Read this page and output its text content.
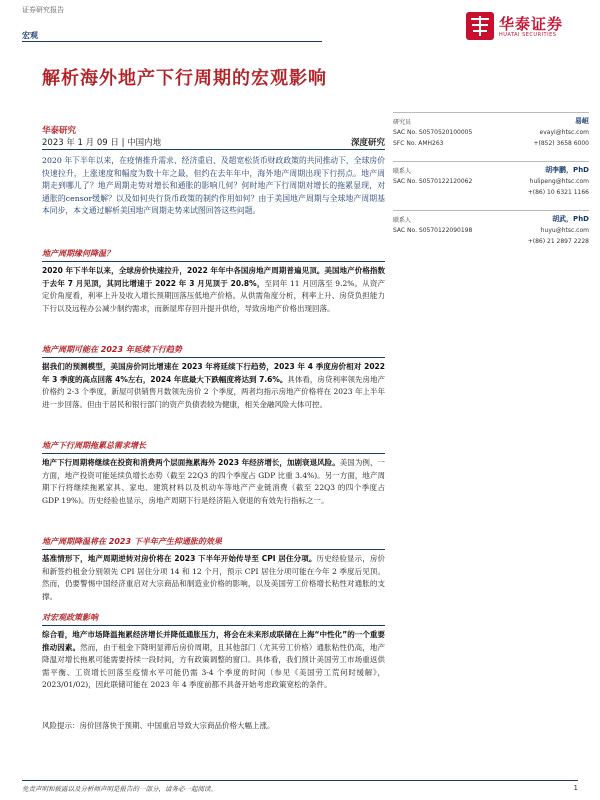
证券研究报告
宏观
华泰证券
HUATAI SECURITIES
解析海外地产下行周期的宏观影响
华泰研究
2023 年 1 月 09 日 | 中国内地	深度研究
2020 年下半年以来，在疫情推升需求、经济重启、及超宽松货币财政政策的共同推动下，全球房价快速拉升，上涨速度和幅度为数十年之最，但约在去年年中，海外地产周期出现下行拐点。地产周期走到哪儿了？地产周期走势对增长和通胀的影响几何？何时地产下行周期对增长的拖累显现，对通胀的censor缓解？以及如何央行货币政策的制约作用如何？由于美国地产周期与全球地产周期基本同步，本文通过解析美国地产周期走势来试图回答这些问题。
地产周期缘何降温？
2020 年下半年以来，全球房价快速拉升，2022 年年中各国房地产周期普遍见顶。美国地产价格指数于去年 7 月见顶，其同比增速于 2022 年 3 月见顶于 20.8%，至同年 11 月回落至 9.2%。从资产定价角度看，利率上升及收入增长预期回落压低地产价格。从供需角度分析，利率上升、房贷负担能力下行以及远程办公减少制约需求，而新屋库存回升提升供给，导致房地产价格出现回落。
地产周期可能在 2023 年延续下行趋势
据我们的预测模型，美国房价同比增速在 2023 年将延续下行趋势，2023 年 4 季度房价相对 2022 年 3 季度的高点回落 4%左右，2024 年底最大下跌幅度将达到 7.6%。具体看，房贷利率领先房地产价格约 2-3 个季度，新屋可供销售月数领先房价 2 个季度，两者均指示房地产价格将在 2023 年上半年进一步回落。但由于居民和银行部门的资产负债表较为健康，相关金融风险大体可控。
地产下行周期拖累总需求增长
地产下行周期将继续在投资和消费两个层面拖累海外 2023 年经济增长，加剧衰退风险。美国为例，一方面，地产投资可能延续负增长态势（截至 22Q3 的四个季度占 GDP 比重 3.4%)。另一方面，地产周期下行将继续拖累家具、家电、建筑材料以及机动车等地产产业链消费（截至 22Q3 的四个季度占 GDP 19%)。历史经验也显示，房地产周期下行是经济陷入衰退的有效先行指标之一。
地产周期降温将在 2023 下半年产生抑通胀的效果
基准情形下，地产周期逆转对房价将在 2023 下半年开始传导至 CPI 居住分项。历史经验显示，房价和新签约租金分别领先 CPI 居住分项 14 和 12 个月，预示 CPI 居住分项可能在今年 2 季度后见顶。然而，仍要警惕中国经济重启对大宗商品和制造业价格的影响，以及美国劳工价格增长粘性对通胀的支撑。
对宏观政策影响
综合看，地产市场降温拖累经济增长并降低通胀压力，将会在未来形成联储在上海“中性化”的一个重要推动因素。然而，由于租金下降明显滞后房价周期，且其他部门（尤其劳工价格）通胀粘性仍高，地产降温对增长拖累可能需要持续一段时间，方有政策调整的窗口。具体看，我们预计美国劳工市场重返供需平衡、工资增长回落至疫情水平可能仍需 3-4 个季度的时间（参见《美国劳工荒何时缓解》，2023/01/02)，因此联储可能在 2023 年 4 季度前都不具备开始考虑政策宽松的条件。
风险提示：房价回落快于预期、中国重启导致大宗商品价格大幅上涨。
研究员	易峘
SAC No. S0570520100005	evayi@htsc.com
SFC No. AMH263	+(852) 3658 6000
联系人	胡李鹏，PhD
SAC No. S0570122120062	hulipeng@htsc.com
+(86) 10 6321 1166
联系人	胡武，PhD
SAC No. S0570122090198	huyu@htsc.com
+(86) 21 2897 2228
免责声明和披露以及分析师声明是报告的一部分，请务必一起阅读。	1
